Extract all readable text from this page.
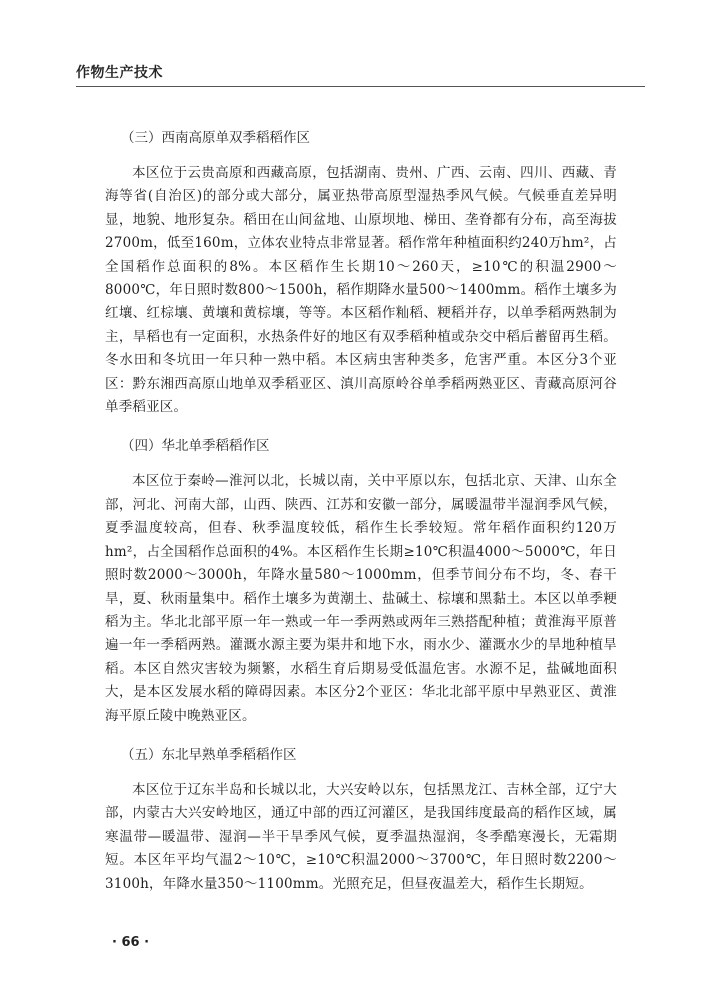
作物生产技术
（三）西南高原单双季稻稻作区

本区位于云贵高原和西藏高原，包括湖南、贵州、广西、云南、四川、西藏、青海等省(自治区)的部分或大部分，属亚热带高原型湿热季风气候。气候垂直差异明显，地貌、地形复杂。稻田在山间盆地、山原坝地、梯田、垄脊都有分布，高至海拔2700m，低至160m，立体农业特点非常显著。稻作常年种植面积约240万hm²，占全国稻作总面积的8%。本区稻作生长期10～260天，≥10℃的积温2900～8000℃，年日照时数800～1500h，稻作期降水量500～1400mm。稻作土壤多为红壤、红棕壤、黄壤和黄棕壤，等等。本区稻作籼稻、粳稻并存，以单季稻两熟制为主，旱稻也有一定面积，水热条件好的地区有双季稻种植或杂交中稻后蓄留再生稻。冬水田和冬坑田一年只种一熟中稻。本区病虫害种类多，危害严重。本区分3个亚区：黔东湘西高原山地单双季稻亚区、滇川高原岭谷单季稻两熟亚区、青藏高原河谷单季稻亚区。

（四）华北单季稻稻作区

本区位于秦岭—淮河以北，长城以南，关中平原以东，包括北京、天津、山东全部，河北、河南大部，山西、陕西、江苏和安徽一部分，属暖温带半湿润季风气候，夏季温度较高，但春、秋季温度较低，稻作生长季较短。常年稻作面积约120万hm²，占全国稻作总面积的4%。本区稻作生长期≥10℃积温4000～5000℃，年日照时数2000～3000h，年降水量580～1000mm，但季节间分布不均，冬、春干旱，夏、秋雨量集中。稻作土壤多为黄潮土、盐碱土、棕壤和黑黏土。本区以单季粳稻为主。华北北部平原一年一熟或一年一季两熟或两年三熟搭配种植；黄淮海平原普遍一年一季稻两熟。灌溉水源主要为渠井和地下水，雨水少、灌溉水少的旱地种植旱稻。本区自然灾害较为频繁，水稻生育后期易受低温危害。水源不足，盐碱地面积大，是本区发展水稻的障碍因素。本区分2个亚区：华北北部平原中早熟亚区、黄淮海平原丘陵中晚熟亚区。

（五）东北早熟单季稻稻作区

本区位于辽东半岛和长城以北，大兴安岭以东，包括黑龙江、吉林全部，辽宁大部，内蒙古大兴安岭地区，通辽中部的西辽河灌区，是我国纬度最高的稻作区域，属寒温带—暖温带、湿润—半干旱季风气候，夏季温热湿润，冬季酷寒漫长，无霜期短。本区年平均气温2～10℃，≥10℃积温2000～3700℃，年日照时数2200～3100h，年降水量350～1100mm。光照充足，但昼夜温差大，稻作生长期短。

· 66 ·
